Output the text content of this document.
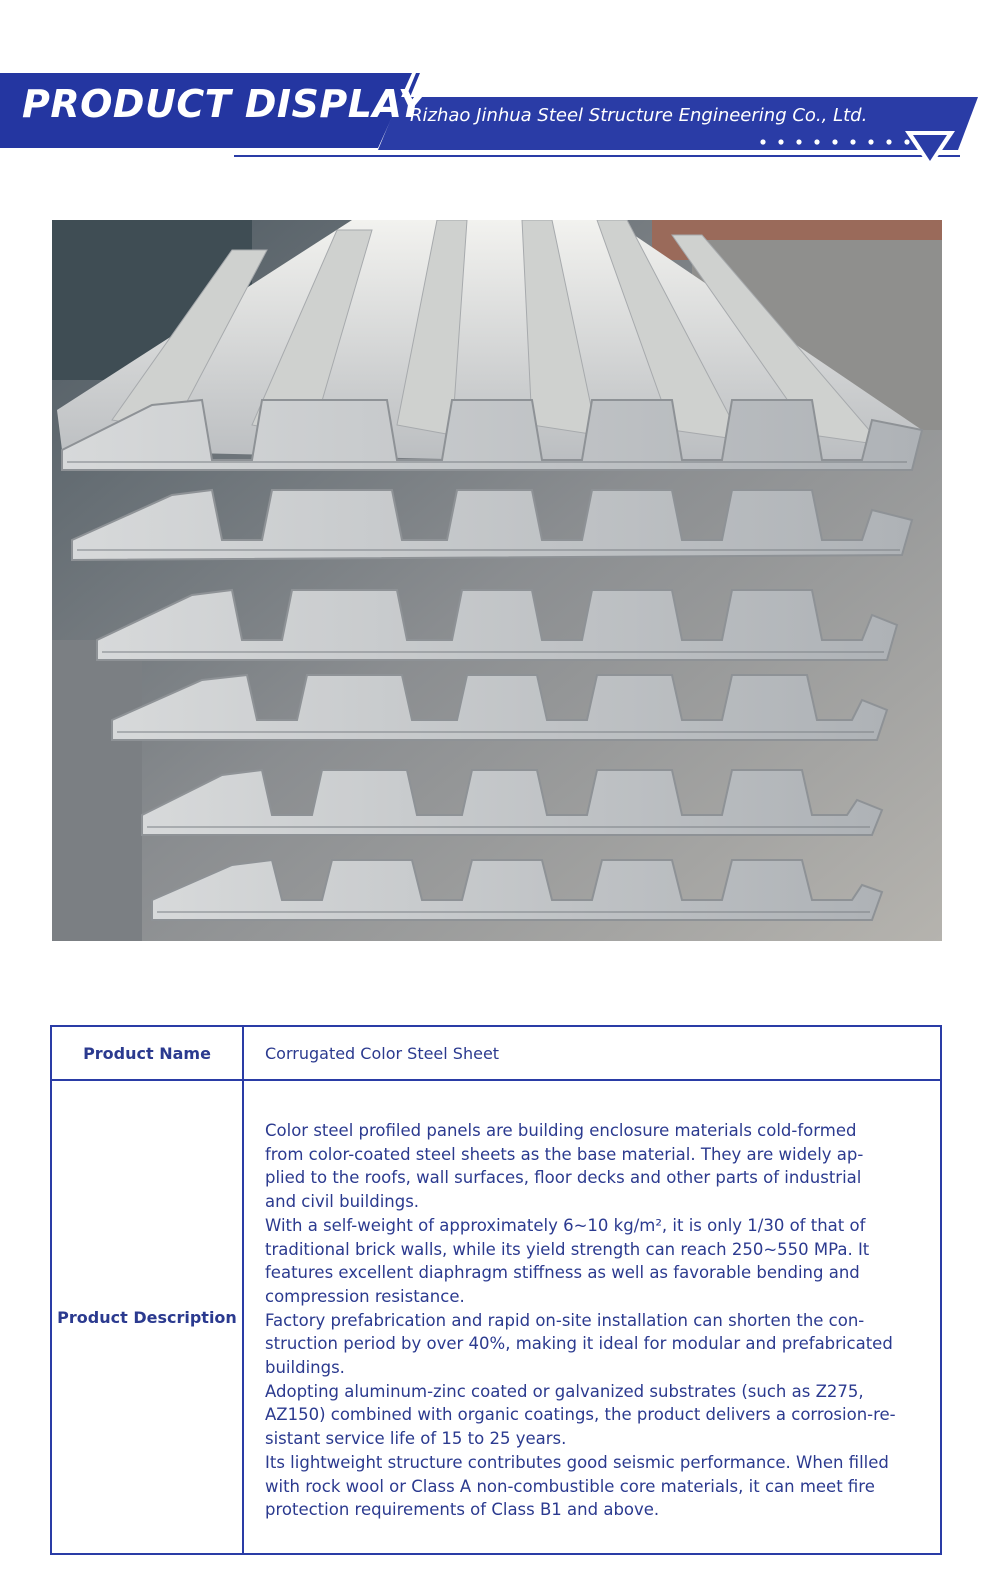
PRODUCT DISPLAY
Rizhao Jinhua Steel Structure Engineering Co., Ltd.
Product Name	Corrugated Color Steel Sheet
Product Description

Color steel profiled panels are building enclosure materials cold-formed

from color-coated steel sheets as the base material. They are widely ap-

plied to the roofs, wall surfaces, floor decks and other parts of industrial

and civil buildings.

With a self-weight of approximately 6~10 kg/m², it is only 1/30 of that of

traditional brick walls, while its yield strength can reach 250~550 MPa. It

features excellent diaphragm stiffness as well as favorable bending and

compression resistance.

Factory prefabrication and rapid on-site installation can shorten the con-

struction period by over 40%, making it ideal for modular and prefabricated

buildings.

Adopting aluminum-zinc coated or galvanized substrates (such as Z275,

AZ150) combined with organic coatings, the product delivers a corrosion-re-

sistant service life of 15 to 25 years.

Its lightweight structure contributes good seismic performance. When filled

with rock wool or Class A non-combustible core materials, it can meet fire

protection requirements of Class B1 and above.
